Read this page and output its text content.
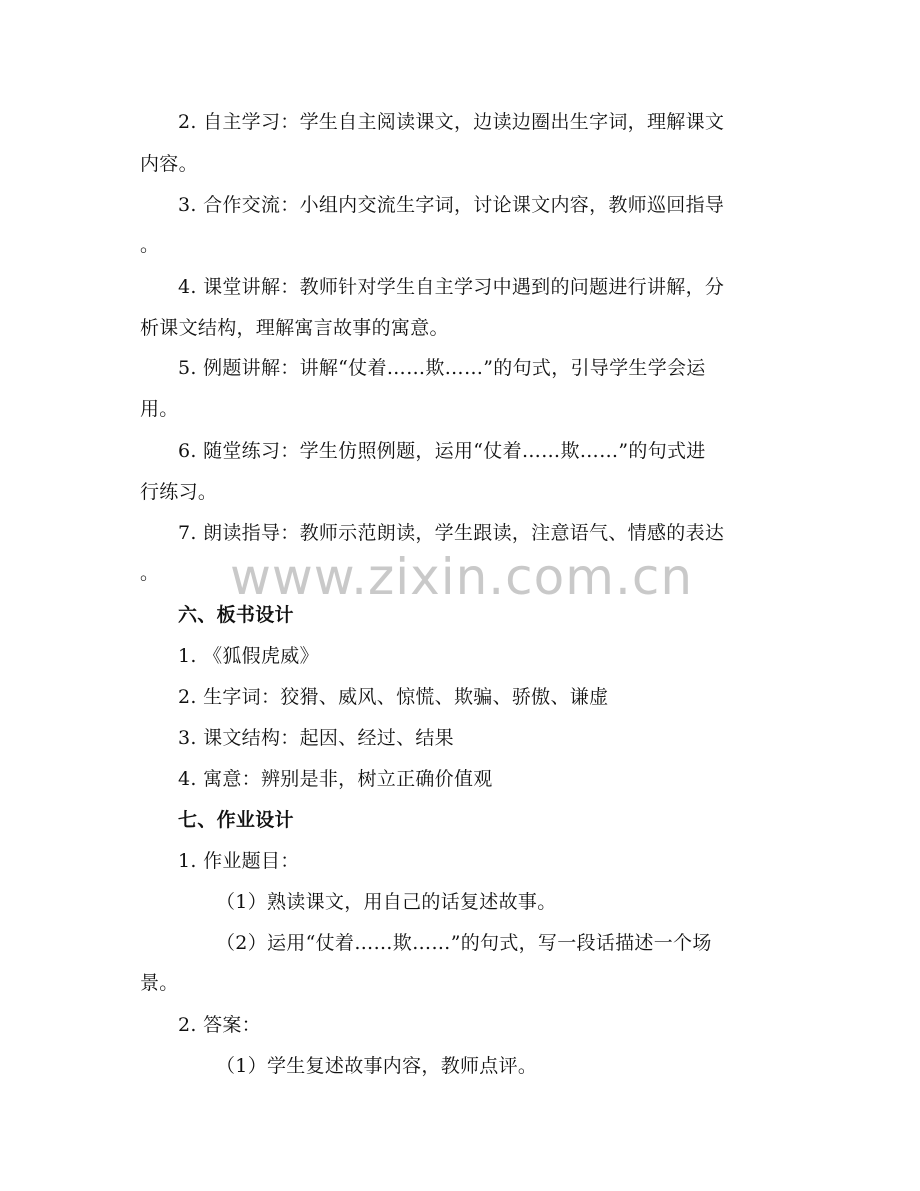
2. 自主学习：学生自主阅读课文，边读边圈出生字词，理解课文
内容。
3. 合作交流：小组内交流生字词，讨论课文内容，教师巡回指导
。
4. 课堂讲解：教师针对学生自主学习中遇到的问题进行讲解，分
析课文结构，理解寓言故事的寓意。
5. 例题讲解：讲解“仗着……欺……”的句式，引导学生学会运
用。
6. 随堂练习：学生仿照例题，运用“仗着……欺……”的句式进
行练习。
7. 朗读指导：教师示范朗读，学生跟读，注意语气、情感的表达
。
六、板书设计
1. 《狐假虎威》
2. 生字词：狡猾、威风、惊慌、欺骗、骄傲、谦虚
3. 课文结构：起因、经过、结果
4. 寓意：辨别是非，树立正确价值观
七、作业设计
1. 作业题目：
（1）熟读课文，用自己的话复述故事。
（2）运用“仗着……欺……”的句式，写一段话描述一个场
景。
2. 答案：
（1）学生复述故事内容，教师点评。
www.zixin.com.cn
